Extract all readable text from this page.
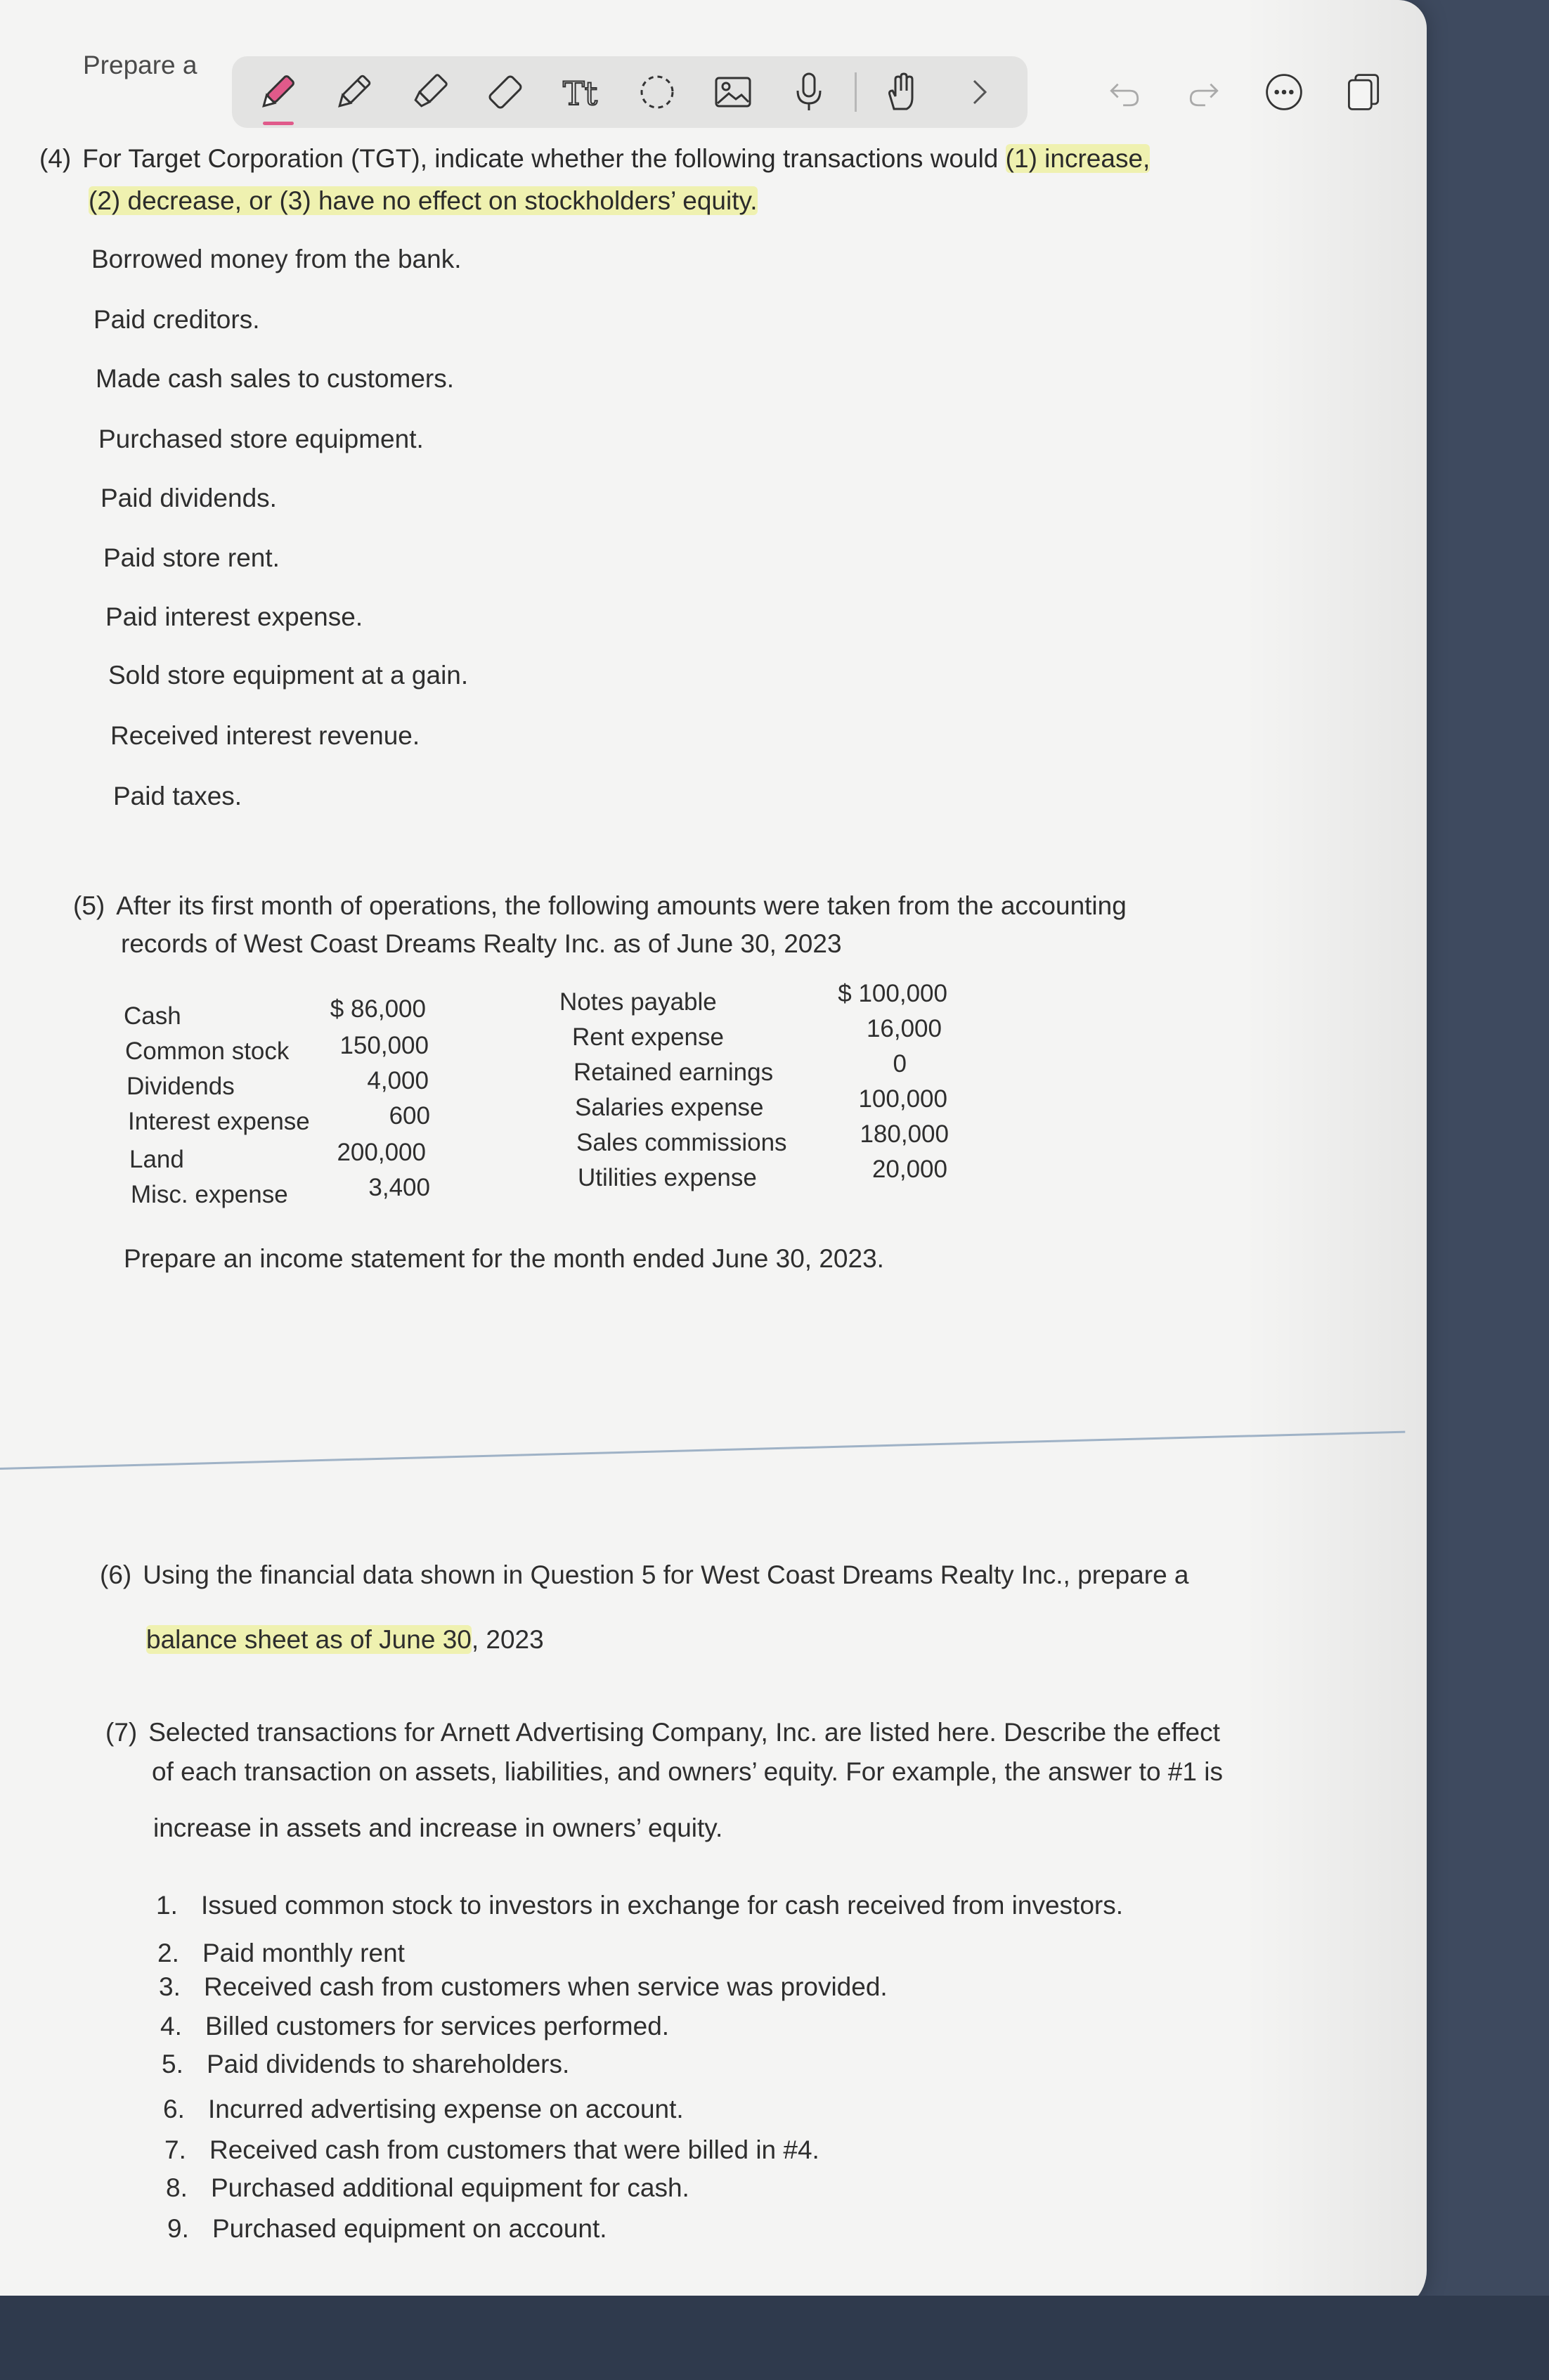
Prepare a
Tt
(4) For Target Corporation (TGT), indicate whether the following transactions would (1) increase,
(2) decrease, or (3) have no effect on stockholders’ equity.
Borrowed money from the bank.
Paid creditors.
Made cash sales to customers.
Purchased store equipment.
Paid dividends.
Paid store rent.
Paid interest expense.
Sold store equipment at a gain.
Received interest revenue.
Paid taxes.
(5) After its first month of operations, the following amounts were taken from the accounting
records of West Coast Dreams Realty Inc. as of June 30, 2023
Cash	$ 86,000
Common stock	150,000
Dividends	4,000
Interest expense	600
Land	200,000
Misc. expense	3,400
Notes payable	$ 100,000
Rent expense	16,000
Retained earnings	0
Salaries expense	100,000
Sales commissions	180,000
Utilities expense	20,000
Prepare an income statement for the month ended June 30, 2023.
(6) Using the financial data shown in Question 5 for West Coast Dreams Realty Inc., prepare a
balance sheet as of June 30, 2023
(7) Selected transactions for Arnett Advertising Company, Inc. are listed here. Describe the effect
of each transaction on assets, liabilities, and owners’ equity. For example, the answer to #1 is
increase in assets and increase in owners’ equity.
1. Issued common stock to investors in exchange for cash received from investors.
2. Paid monthly rent
3. Received cash from customers when service was provided.
4. Billed customers for services performed.
5. Paid dividends to shareholders.
6. Incurred advertising expense on account.
7. Received cash from customers that were billed in #4.
8. Purchased additional equipment for cash.
9. Purchased equipment on account.
